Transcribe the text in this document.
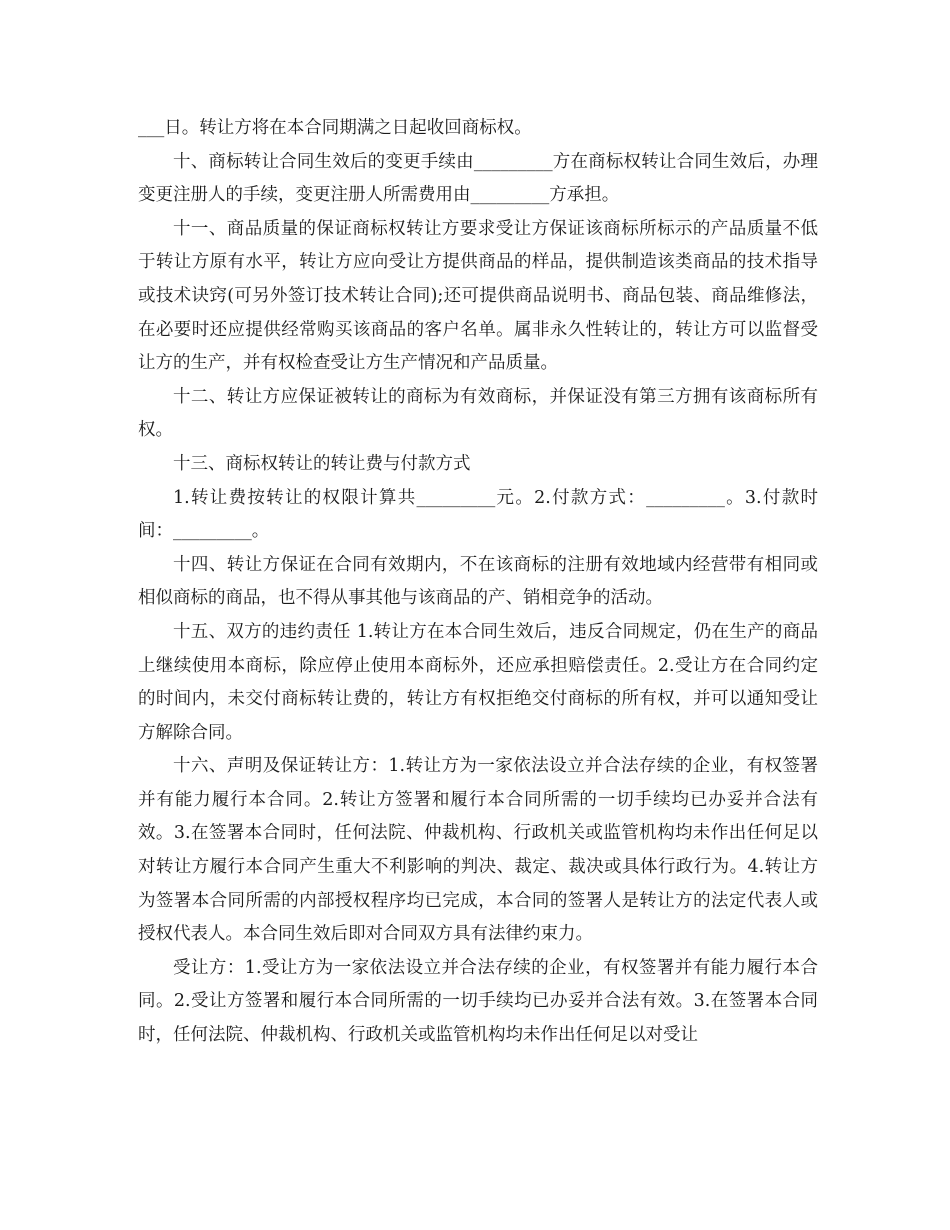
___日。转让方将在本合同期满之日起收回商标权。

十、商标转让合同生效后的变更手续由_________方在商标权转让合同生效后，办理变更注册人的手续，变更注册人所需费用由_________方承担。

十一、商品质量的保证商标权转让方要求受让方保证该商标所标示的产品质量不低于转让方原有水平，转让方应向受让方提供商品的样品，提供制造该类商品的技术指导或技术诀窍(可另外签订技术转让合同);还可提供商品说明书、商品包装、商品维修法，在必要时还应提供经常购买该商品的客户名单。属非永久性转让的，转让方可以监督受让方的生产，并有权检查受让方生产情况和产品质量。

十二、转让方应保证被转让的商标为有效商标，并保证没有第三方拥有该商标所有权。

十三、商标权转让的转让费与付款方式

1.转让费按转让的权限计算共_________元。2.付款方式：_________。3.付款时间：_________。

十四、转让方保证在合同有效期内，不在该商标的注册有效地域内经营带有相同或相似商标的商品，也不得从事其他与该商品的产、销相竞争的活动。

十五、双方的违约责任 1.转让方在本合同生效后，违反合同规定，仍在生产的商品上继续使用本商标，除应停止使用本商标外，还应承担赔偿责任。2.受让方在合同约定的时间内，未交付商标转让费的，转让方有权拒绝交付商标的所有权，并可以通知受让方解除合同。

十六、声明及保证转让方：1.转让方为一家依法设立并合法存续的企业，有权签署并有能力履行本合同。2.转让方签署和履行本合同所需的一切手续均已办妥并合法有效。3.在签署本合同时，任何法院、仲裁机构、行政机关或监管机构均未作出任何足以对转让方履行本合同产生重大不利影响的判决、裁定、裁决或具体行政行为。4.转让方为签署本合同所需的内部授权程序均已完成，本合同的签署人是转让方的法定代表人或授权代表人。本合同生效后即对合同双方具有法律约束力。

受让方：1.受让方为一家依法设立并合法存续的企业，有权签署并有能力履行本合同。2.受让方签署和履行本合同所需的一切手续均已办妥并合法有效。3.在签署本合同时，任何法院、仲裁机构、行政机关或监管机构均未作出任何足以对受让
